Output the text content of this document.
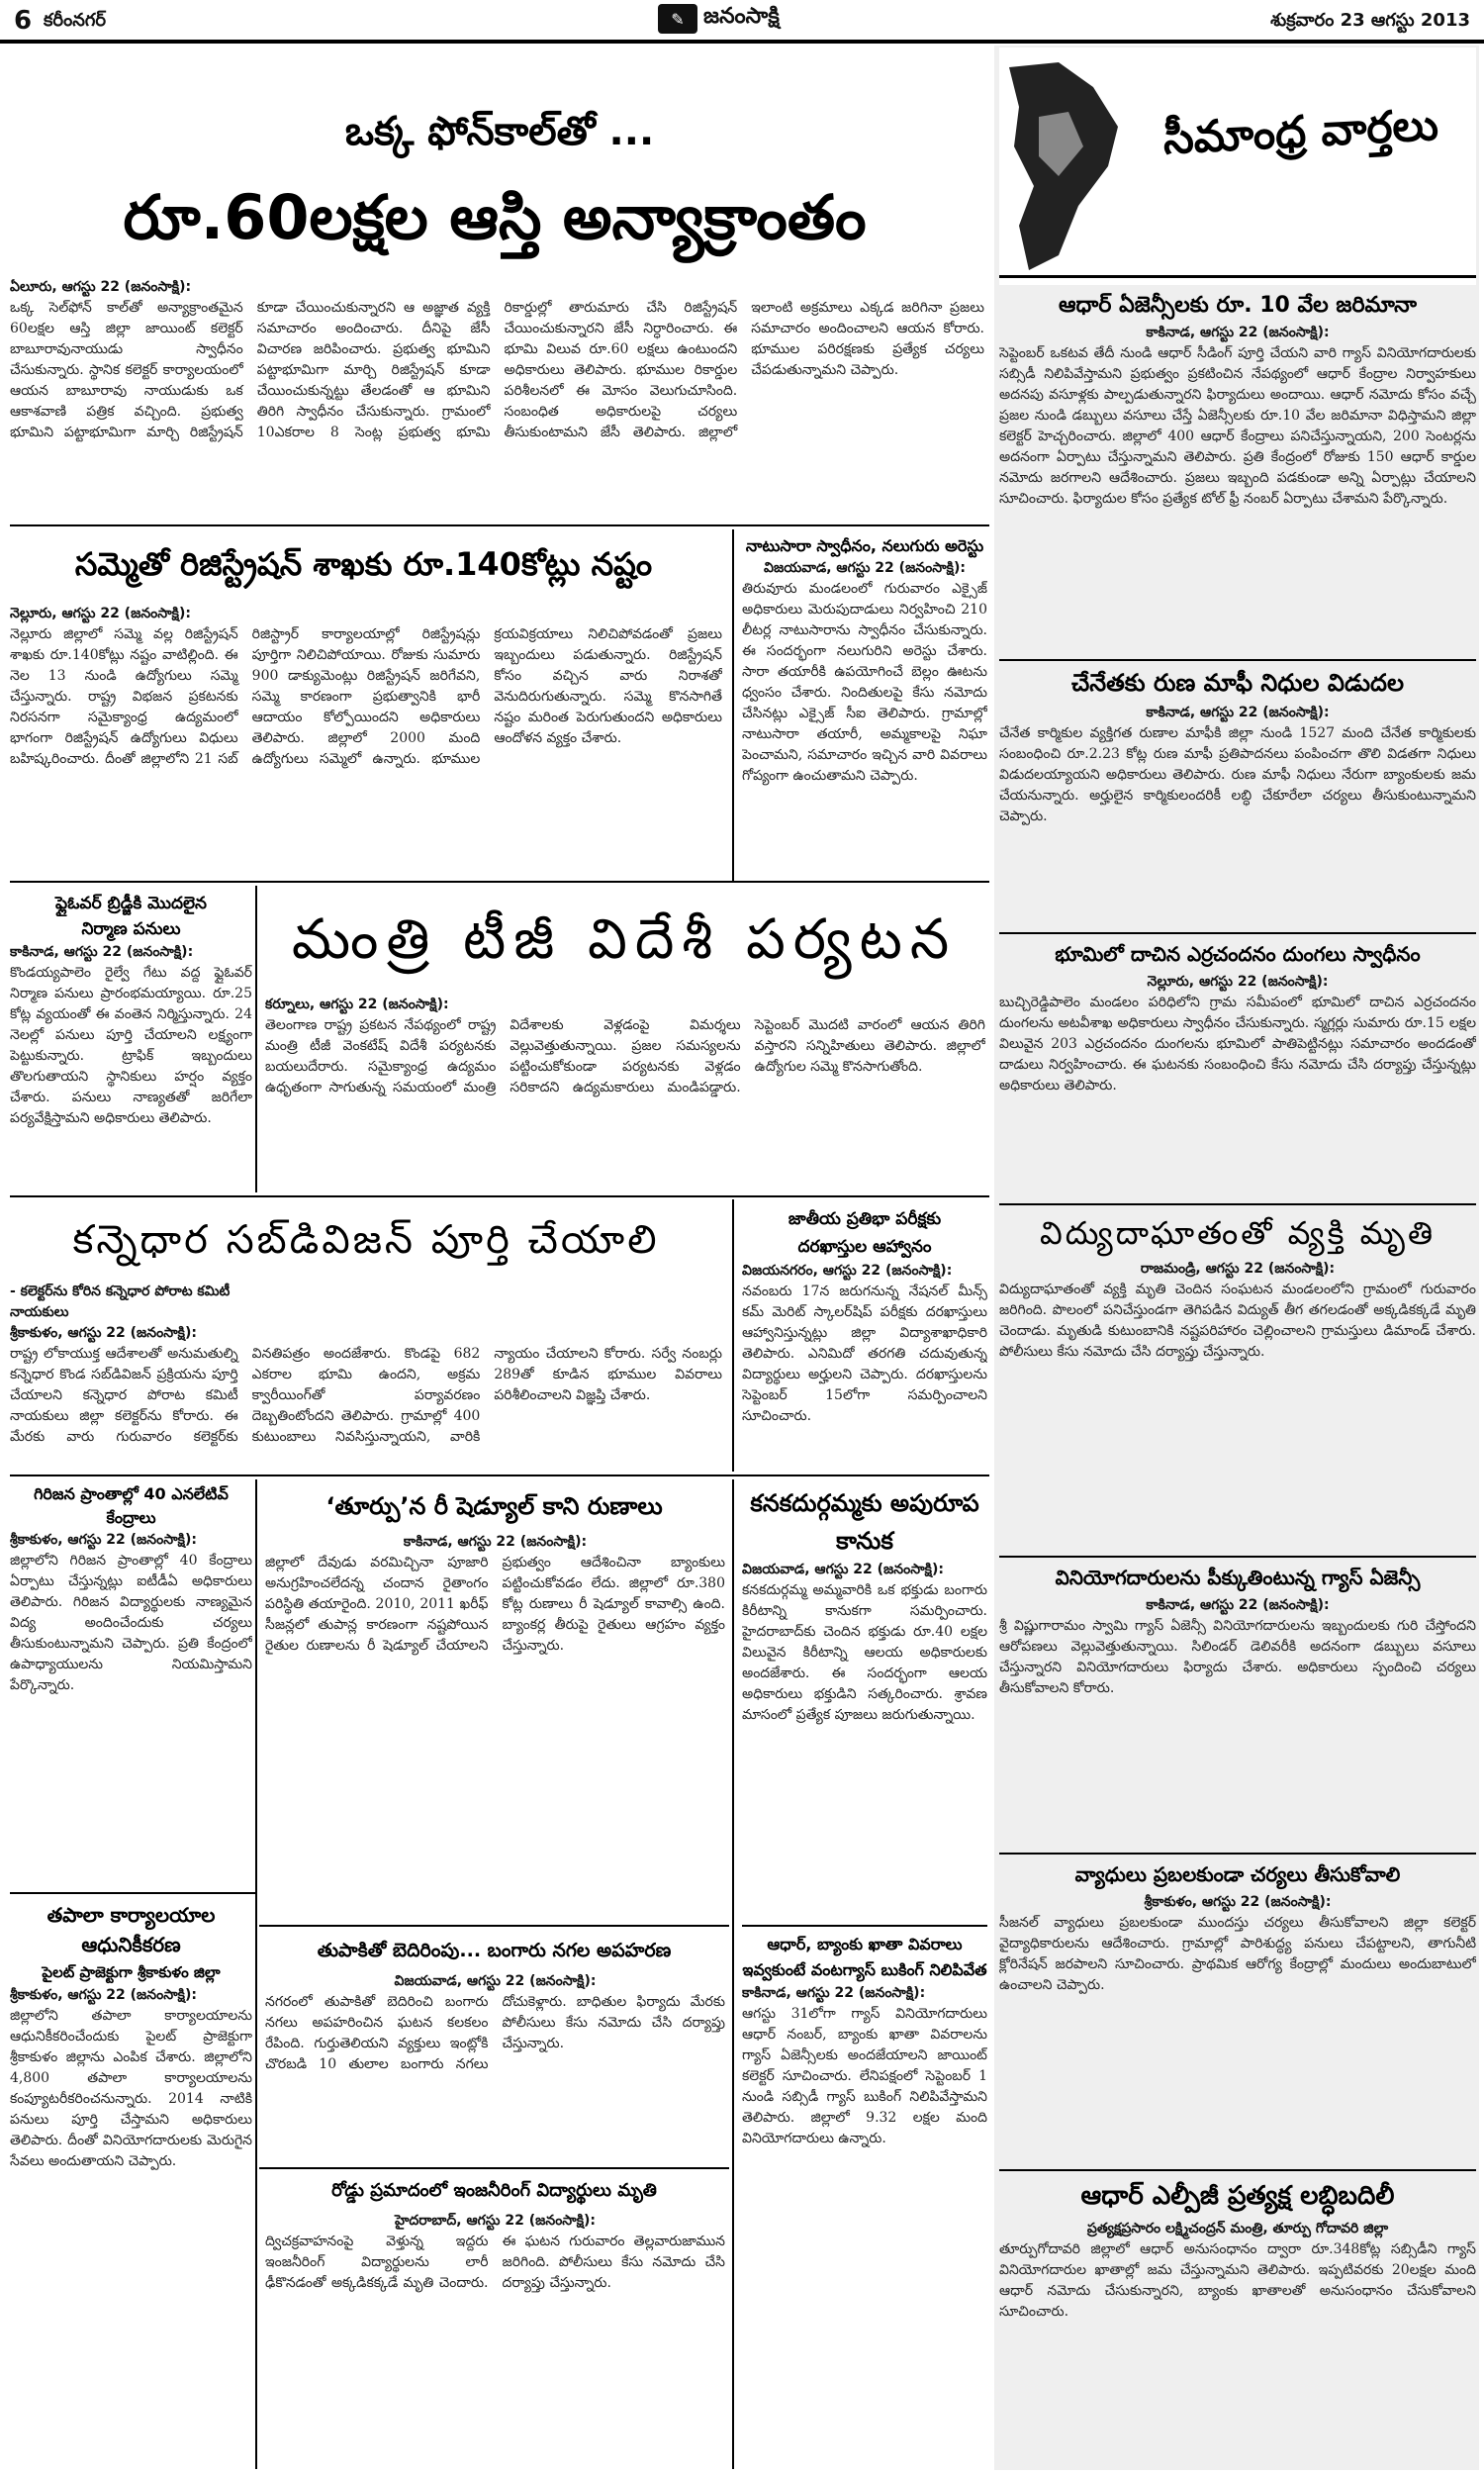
6 కరీంనగర్	✎ జనంసాక్షి	శుక్రవారం 23 ఆగస్టు 2013
సీమాంధ్ర వార్తలు
ఆధార్‌ ఏజెన్సీలకు రూ. 10 వేల జరిమానా
కాకినాడ, ఆగస్టు 22 (జనంసాక్షి):
సెప్టెంబర్‌ ఒకటవ తేదీ నుండి ఆధార్‌ సీడింగ్‌ పూర్తి చేయని వారి గ్యాస్‌ వినియోగదారులకు సబ్సిడీ నిలిపివేస్తామని ప్రభుత్వం ప్రకటించిన నేపథ్యంలో ఆధార్‌ కేంద్రాల నిర్వాహకులు అదనపు వసూళ్లకు పాల్పడుతున్నారని ఫిర్యాదులు అందాయి. ఆధార్‌ నమోదు కోసం వచ్చే ప్రజల నుండి డబ్బులు వసూలు చేస్తే ఏజెన్సీలకు రూ.10 వేల జరిమానా విధిస్తామని జిల్లా కలెక్టర్‌ హెచ్చరించారు. జిల్లాలో 400 ఆధార్‌ కేంద్రాలు పనిచేస్తున్నాయని, 200 సెంటర్లను అదనంగా ఏర్పాటు చేస్తున్నామని తెలిపారు. ప్రతి కేంద్రంలో రోజుకు 150 ఆధార్‌ కార్డుల నమోదు జరగాలని ఆదేశించారు. ప్రజలు ఇబ్బంది పడకుండా అన్ని ఏర్పాట్లు చేయాలని సూచించారు. ఫిర్యాదుల కోసం ప్రత్యేక టోల్‌ ఫ్రీ నంబర్‌ ఏర్పాటు చేశామని పేర్కొన్నారు.
చేనేతకు రుణ మాఫీ నిధుల విడుదల
కాకినాడ, ఆగస్టు 22 (జనంసాక్షి):
చేనేత కార్మికుల వ్యక్తిగత రుణాల మాఫీకి జిల్లా నుండి 1527 మంది చేనేత కార్మికులకు సంబంధించి రూ.2.23 కోట్ల రుణ మాఫీ ప్రతిపాదనలు పంపించగా తొలి విడతగా నిధులు విడుదలయ్యాయని అధికారులు తెలిపారు. రుణ మాఫీ నిధులు నేరుగా బ్యాంకులకు జమ చేయనున్నారు. అర్హులైన కార్మికులందరికీ లబ్ధి చేకూరేలా చర్యలు తీసుకుంటున్నామని చెప్పారు.
భూమిలో దాచిన ఎర్రచందనం దుంగలు స్వాధీనం
నెల్లూరు, ఆగస్టు 22 (జనంసాక్షి):
బుచ్చిరెడ్డిపాలెం మండలం పరిధిలోని గ్రామ సమీపంలో భూమిలో దాచిన ఎర్రచందనం దుంగలను అటవీశాఖ అధికారులు స్వాధీనం చేసుకున్నారు. స్మగ్లర్లు సుమారు రూ.15 లక్షల విలువైన 203 ఎర్రచందనం దుంగలను భూమిలో పాతిపెట్టినట్లు సమాచారం అందడంతో దాడులు నిర్వహించారు. ఈ ఘటనకు సంబంధించి కేసు నమోదు చేసి దర్యాప్తు చేస్తున్నట్లు అధికారులు తెలిపారు.
విద్యుదాఘాతంతో వ్యక్తి మృతి
రాజమండ్రి, ఆగస్టు 22 (జనంసాక్షి):
విద్యుదాఘాతంతో వ్యక్తి మృతి చెందిన సంఘటన మండలంలోని గ్రామంలో గురువారం జరిగింది. పొలంలో పనిచేస్తుండగా తెగిపడిన విద్యుత్‌ తీగ తగలడంతో అక్కడికక్కడే మృతి చెందాడు. మృతుడి కుటుంబానికి నష్టపరిహారం చెల్లించాలని గ్రామస్తులు డిమాండ్‌ చేశారు. పోలీసులు కేసు నమోదు చేసి దర్యాప్తు చేస్తున్నారు.
వినియోగదారులను పీక్కుతింటున్న గ్యాస్‌ ఏజెన్సీ
కాకినాడ, ఆగస్టు 22 (జనంసాక్షి):
శ్రీ విష్ణుగారామం స్వామి గ్యాస్‌ ఏజెన్సీ వినియోగదారులను ఇబ్బందులకు గురి చేస్తోందని ఆరోపణలు వెల్లువెత్తుతున్నాయి. సిలిండర్‌ డెలివరీకి అదనంగా డబ్బులు వసూలు చేస్తున్నారని వినియోగదారులు ఫిర్యాదు చేశారు. అధికారులు స్పందించి చర్యలు తీసుకోవాలని కోరారు.
వ్యాధులు ప్రబలకుండా చర్యలు తీసుకోవాలి
శ్రీకాకుళం, ఆగస్టు 22 (జనంసాక్షి):
సీజనల్‌ వ్యాధులు ప్రబలకుండా ముందస్తు చర్యలు తీసుకోవాలని జిల్లా కలెక్టర్‌ వైద్యాధికారులను ఆదేశించారు. గ్రామాల్లో పారిశుద్ధ్య పనులు చేపట్టాలని, తాగునీటి క్లోరినేషన్‌ జరపాలని సూచించారు. ప్రాథమిక ఆరోగ్య కేంద్రాల్లో మందులు అందుబాటులో ఉంచాలని చెప్పారు.
ఆధార్‌ ఎల్పీజీ ప్రత్యక్ష లబ్ధిబదిలీ
ప్రత్యక్షప్రసారం లక్ష్మిచంద్రన్ మంత్రి, తూర్పు గోదావరి జిల్లా
తూర్పుగోదావరి జిల్లాలో ఆధార్‌ అనుసంధానం ద్వారా రూ.348కోట్ల సబ్సిడీని గ్యాస్‌ వినియోగదారుల ఖాతాల్లో జమ చేస్తున్నామని తెలిపారు. ఇప్పటివరకు 20లక్షల మంది ఆధార్‌ నమోదు చేసుకున్నారని, బ్యాంకు ఖాతాలతో అనుసంధానం చేసుకోవాలని సూచించారు.
ఒక్క ఫోన్‌కాల్‌తో ...
రూ.60లక్షల ఆస్తి అన్యాక్రాంతం
ఏలూరు, ఆగస్టు 22 (జనంసాక్షి):
ఒక్క సెల్‌ఫోన్‌ కాల్‌తో అన్యాక్రాంతమైన 60లక్షల ఆస్తి జిల్లా జాయింట్‌ కలెక్టర్‌ బాబూరావునాయుడు స్వాధీనం చేసుకున్నారు. స్థానిక కలెక్టర్‌ కార్యాలయంలో ఆయన బాబూరావు నాయుడుకు ఒక ఆకాశవాణి పత్రిక వచ్చింది. ప్రభుత్వ భూమిని పట్టాభూమిగా మార్చి రిజిస్ట్రేషన్‌ కూడా చేయించుకున్నారని ఆ అజ్ఞాత వ్యక్తి సమాచారం అందించారు. దీనిపై జేసీ విచారణ జరిపించారు. ప్రభుత్వ భూమిని పట్టాభూమిగా మార్చి రిజిస్ట్రేషన్‌ కూడా చేయించుకున్నట్టు తేలడంతో ఆ భూమిని తిరిగి స్వాధీనం చేసుకున్నారు. గ్రామంలో 10ఎకరాల 8 సెంట్ల ప్రభుత్వ భూమి రికార్డుల్లో తారుమారు చేసి రిజిస్ట్రేషన్‌ చేయించుకున్నారని జేసీ నిర్ధారించారు. ఈ భూమి విలువ రూ.60 లక్షలు ఉంటుందని అధికారులు తెలిపారు. భూముల రికార్డుల పరిశీలనలో ఈ మోసం వెలుగుచూసింది. సంబంధిత అధికారులపై చర్యలు తీసుకుంటామని జేసీ తెలిపారు. జిల్లాలో ఇలాంటి అక్రమాలు ఎక్కడ జరిగినా ప్రజలు సమాచారం అందించాలని ఆయన కోరారు. భూముల పరిరక్షణకు ప్రత్యేక చర్యలు చేపడుతున్నామని చెప్పారు.
సమ్మెతో రిజిస్ట్రేషన్‌ శాఖకు రూ.140కోట్లు నష్టం
నెల్లూరు, ఆగస్టు 22 (జనంసాక్షి):
నెల్లూరు జిల్లాలో సమ్మె వల్ల రిజిస్ట్రేషన్‌ శాఖకు రూ.140కోట్లు నష్టం వాటిల్లింది. ఈ నెల 13 నుండి ఉద్యోగులు సమ్మె చేస్తున్నారు. రాష్ట్ర విభజన ప్రకటనకు నిరసనగా సమైక్యాంధ్ర ఉద్యమంలో భాగంగా రిజిస్ట్రేషన్‌ ఉద్యోగులు విధులు బహిష్కరించారు. దీంతో జిల్లాలోని 21 సబ్‌ రిజిస్ట్రార్‌ కార్యాలయాల్లో రిజిస్ట్రేషన్లు పూర్తిగా నిలిచిపోయాయి. రోజుకు సుమారు 900 డాక్యుమెంట్లు రిజిస్ట్రేషన్‌ జరిగేవని, సమ్మె కారణంగా ప్రభుత్వానికి భారీ ఆదాయం కోల్పోయిందని అధికారులు తెలిపారు. జిల్లాలో 2000 మంది ఉద్యోగులు సమ్మెలో ఉన్నారు. భూముల క్రయవిక్రయాలు నిలిచిపోవడంతో ప్రజలు ఇబ్బందులు పడుతున్నారు. రిజిస్ట్రేషన్‌ కోసం వచ్చిన వారు నిరాశతో వెనుదిరుగుతున్నారు. సమ్మె కొనసాగితే నష్టం మరింత పెరుగుతుందని అధికారులు ఆందోళన వ్యక్తం చేశారు.
నాటుసారా స్వాధీనం, నలుగురు అరెస్టు
విజయవాడ, ఆగస్టు 22 (జనంసాక్షి):
తిరువూరు మండలంలో గురువారం ఎక్సైజ్‌ అధికారులు మెరుపుదాడులు నిర్వహించి 210 లీటర్ల నాటుసారాను స్వాధీనం చేసుకున్నారు. ఈ సందర్భంగా నలుగురిని అరెస్టు చేశారు. సారా తయారీకి ఉపయోగించే బెల్లం ఊటను ధ్వంసం చేశారు. నిందితులపై కేసు నమోదు చేసినట్లు ఎక్సైజ్‌ సీఐ తెలిపారు. గ్రామాల్లో నాటుసారా తయారీ, అమ్మకాలపై నిఘా పెంచామని, సమాచారం ఇచ్చిన వారి వివరాలు గోప్యంగా ఉంచుతామని చెప్పారు.
ఫ్లైఓవర్‌ బ్రిడ్జీకి మొదలైన
నిర్మాణ పనులు
కాకినాడ, ఆగస్టు 22 (జనంసాక్షి):
కొండయ్యపాలెం రైల్వే గేటు వద్ద ఫ్లైఓవర్‌ నిర్మాణ పనులు ప్రారంభమయ్యాయి. రూ.25 కోట్ల వ్యయంతో ఈ వంతెన నిర్మిస్తున్నారు. 24 నెలల్లో పనులు పూర్తి చేయాలని లక్ష్యంగా పెట్టుకున్నారు. ట్రాఫిక్‌ ఇబ్బందులు తొలగుతాయని స్థానికులు హర్షం వ్యక్తం చేశారు. పనులు నాణ్యతతో జరిగేలా పర్యవేక్షిస్తామని అధికారులు తెలిపారు.
మంత్రి టీజీ విదేశీ పర్యటన
కర్నూలు, ఆగస్టు 22 (జనంసాక్షి):
తెలంగాణ రాష్ట్ర ప్రకటన నేపథ్యంలో రాష్ట్ర మంత్రి టీజీ వెంకటేష్‌ విదేశీ పర్యటనకు బయలుదేరారు. సమైక్యాంధ్ర ఉద్యమం ఉధృతంగా సాగుతున్న సమయంలో మంత్రి విదేశాలకు వెళ్లడంపై విమర్శలు వెల్లువెత్తుతున్నాయి. ప్రజల సమస్యలను పట్టించుకోకుండా పర్యటనకు వెళ్లడం సరికాదని ఉద్యమకారులు మండిపడ్డారు. సెప్టెంబర్‌ మొదటి వారంలో ఆయన తిరిగి వస్తారని సన్నిహితులు తెలిపారు. జిల్లాలో ఉద్యోగుల సమ్మె కొనసాగుతోంది.
కన్నెధార సబ్‌డివిజన్‌ పూర్తి చేయాలి
- కలెక్టర్‌ను కోరిన కన్నెధార పోరాట కమిటీ నాయకులు
శ్రీకాకుళం, ఆగస్టు 22 (జనంసాక్షి):
రాష్ట్ర లోకాయుక్త ఆదేశాలతో అనుమతుల్ని కన్నెధార కొండ సబ్‌డివిజన్‌ ప్రక్రియను పూర్తి చేయాలని కన్నెధార పోరాట కమిటీ నాయకులు జిల్లా కలెక్టర్‌ను కోరారు. ఈ మేరకు వారు గురువారం కలెక్టర్‌కు వినతిపత్రం అందజేశారు. కొండపై 682 ఎకరాల భూమి ఉందని, అక్రమ క్వారీయింగ్‌తో పర్యావరణం దెబ్బతింటోందని తెలిపారు. గ్రామాల్లో 400 కుటుంబాలు నివసిస్తున్నాయని, వారికి న్యాయం చేయాలని కోరారు. సర్వే నంబర్లు 289తో కూడిన భూముల వివరాలు పరిశీలించాలని విజ్ఞప్తి చేశారు.
జాతీయ ప్రతిభా పరీక్షకు
దరఖాస్తుల ఆహ్వానం
విజయనగరం, ఆగస్టు 22 (జనంసాక్షి):
నవంబరు 17న జరుగనున్న నేషనల్‌ మీన్స్‌ కమ్‌ మెరిట్‌ స్కాలర్‌షిప్‌ పరీక్షకు దరఖాస్తులు ఆహ్వానిస్తున్నట్లు జిల్లా విద్యాశాఖాధికారి తెలిపారు. ఎనిమిదో తరగతి చదువుతున్న విద్యార్థులు అర్హులని చెప్పారు. దరఖాస్తులను సెప్టెంబర్‌ 15లోగా సమర్పించాలని సూచించారు.
గిరిజన ప్రాంతాల్లో 40 ఎనలేటివ్‌ కేంద్రాలు
శ్రీకాకుళం, ఆగస్టు 22 (జనంసాక్షి):
జిల్లాలోని గిరిజన ప్రాంతాల్లో 40 కేంద్రాలు ఏర్పాటు చేస్తున్నట్లు ఐటీడీఏ అధికారులు తెలిపారు. గిరిజన విద్యార్థులకు నాణ్యమైన విద్య అందించేందుకు చర్యలు తీసుకుంటున్నామని చెప్పారు. ప్రతి కేంద్రంలో ఉపాధ్యాయులను నియమిస్తామని పేర్కొన్నారు.
‘తూర్పు’న రీ షెడ్యూల్‌ కాని రుణాలు
కాకినాడ, ఆగస్టు 22 (జనంసాక్షి):
జిల్లాలో దేవుడు వరమిచ్చినా పూజారి అనుగ్రహించలేదన్న చందాన రైతాంగం పరిస్థితి తయారైంది. 2010, 2011 ఖరీఫ్‌ సీజన్లలో తుపాన్ల కారణంగా నష్టపోయిన రైతుల రుణాలను రీ షెడ్యూల్‌ చేయాలని ప్రభుత్వం ఆదేశించినా బ్యాంకులు పట్టించుకోవడం లేదు. జిల్లాలో రూ.380 కోట్ల రుణాలు రీ షెడ్యూల్‌ కావాల్సి ఉంది. బ్యాంకర్ల తీరుపై రైతులు ఆగ్రహం వ్యక్తం చేస్తున్నారు.
కనకదుర్గమ్మకు అపురూప కానుక
విజయవాడ, ఆగస్టు 22 (జనంసాక్షి):
కనకదుర్గమ్మ అమ్మవారికి ఒక భక్తుడు బంగారు కిరీటాన్ని కానుకగా సమర్పించారు. హైదరాబాద్‌కు చెందిన భక్తుడు రూ.40 లక్షల విలువైన కిరీటాన్ని ఆలయ అధికారులకు అందజేశారు. ఈ సందర్భంగా ఆలయ అధికారులు భక్తుడిని సత్కరించారు. శ్రావణ మాసంలో ప్రత్యేక పూజలు జరుగుతున్నాయి.
తపాలా కార్యాలయాల ఆధునికీకరణ
పైలట్‌ ప్రాజెక్టుగా శ్రీకాకుళం జిల్లా
శ్రీకాకుళం, ఆగస్టు 22 (జనంసాక్షి):
జిల్లాలోని తపాలా కార్యాలయాలను ఆధునికీకరించేందుకు పైలట్‌ ప్రాజెక్టుగా శ్రీకాకుళం జిల్లాను ఎంపిక చేశారు. జిల్లాలోని 4,800 తపాలా కార్యాలయాలను కంప్యూటరీకరించనున్నారు. 2014 నాటికి పనులు పూర్తి చేస్తామని అధికారులు తెలిపారు. దీంతో వినియోగదారులకు మెరుగైన సేవలు అందుతాయని చెప్పారు.
తుపాకితో బెదిరింపు... బంగారు నగల అపహరణ
విజయవాడ, ఆగస్టు 22 (జనంసాక్షి):
నగరంలో తుపాకితో బెదిరించి బంగారు నగలు అపహరించిన ఘటన కలకలం రేపింది. గుర్తుతెలియని వ్యక్తులు ఇంట్లోకి చొరబడి 10 తులాల బంగారు నగలు దోచుకెళ్లారు. బాధితుల ఫిర్యాదు మేరకు పోలీసులు కేసు నమోదు చేసి దర్యాప్తు చేస్తున్నారు.
రోడ్డు ప్రమాదంలో ఇంజనీరింగ్‌ విద్యార్థులు మృతి
హైదరాబాద్‌, ఆగస్టు 22 (జనంసాక్షి):
ద్విచక్రవాహనంపై వెళ్తున్న ఇద్దరు ఇంజనీరింగ్‌ విద్యార్థులను లారీ ఢీకొనడంతో అక్కడికక్కడే మృతి చెందారు. ఈ ఘటన గురువారం తెల్లవారుజామున జరిగింది. పోలీసులు కేసు నమోదు చేసి దర్యాప్తు చేస్తున్నారు.
ఆధార్‌, బ్యాంకు ఖాతా వివరాలు ఇవ్వకుంటే వంటగ్యాస్‌ బుకింగ్‌ నిలిపివేత
కాకినాడ, ఆగస్టు 22 (జనంసాక్షి):
ఆగస్టు 31లోగా గ్యాస్‌ వినియోగదారులు ఆధార్‌ నంబర్‌, బ్యాంకు ఖాతా వివరాలను గ్యాస్‌ ఏజెన్సీలకు అందజేయాలని జాయింట్‌ కలెక్టర్‌ సూచించారు. లేనిపక్షంలో సెప్టెంబర్‌ 1 నుండి సబ్సిడీ గ్యాస్‌ బుకింగ్‌ నిలిపివేస్తామని తెలిపారు. జిల్లాలో 9.32 లక్షల మంది వినియోగదారులు ఉన్నారు.
